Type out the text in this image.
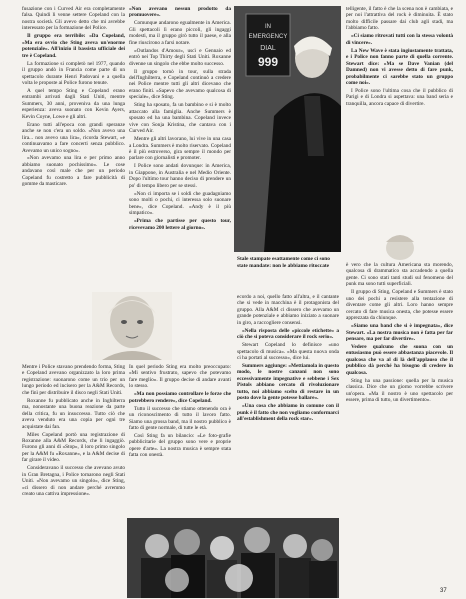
fusazione con i Curved Air era completamente falsa. Quindi li venne settere Copeland con la nostra società. Gli avevo detto che mi avrebbe interessato per la formazione del Police.

Il gruppo era terribile: «Da Copeland, «Ma era ovvio che Sting aveva un'enorme potenziale». All'inizio il bassista ufficiale dei tre è Copeland.

La formazione si completò nel 1977, quando il gruppo andò in Francia come parte di un spettacolo durante Henri Padovani e a quella volta le proposte ai Police furono tenute.

A quel tempo Sting e Copeland erano entrambi arrivati dagli Stati Uniti, mentre Summers, 30 anni, proveniva da una lunga esperienza: aveva suonato con Kevin Ayers, Kevin Coyne, Lowe e gli altri.

Erano tutti all'epoca con grandi speranze anche se non c'era un soldo. «Non avevo una lira... non avevo una lira», ricorda Stewart, «e continuavamo a fare concerti senza pubblico. Avevamo un unico sogno».

«Non avevamo una lira e per primo anno abbiamo suonato pochissimo». Le cose andavano così male che per un periodo Copeland fu costretto a fare pubblicità di gomme da masticare.

«Non avevano nessun prodotto da promuovere».

Comunque andarono egualmente in America. Gli spettacoli lì erano piccoli, gli ingaggi modesti, ma il gruppo girò tutto il paese, e alla fine riuscirono a farsi notare.

«Outlandos d'Amour», uscì e Gennaio ed entrò nei Top Thirty degli Stati Uniti. Roxanne divenne un singolo che ebbe molto successo.

Il gruppo tornò in tour, sulla strada dell'Inghilterra, e Copeland continuò a credere nei Police mentre tutti gli altri dicevano che erano finiti. «Sapevo che avevamo qualcosa di speciale», dice Sting.

Sting ha sposato, fa un bambino e si è molto attaccato alla famiglia. Anche Summers è sposato ed ha una bambina. Copeland invece vive con Sonja Kristina, che cantava con i Curved Air.

Mentre gli altri lavorano, lui vive in una casa a Londra. Summers è molto riservato. Copeland è il più estroverso, gira sempre il mondo per parlare con giornalisti e promoter.

I Police sono andati dovunque: in America, in Giappone, in Australia e nel Medio Oriente. Dopo l'ultimo tour hanno deciso di prendere un po' di tempo libero per se stessi.

«Non ci importa se i soldi che guadagniamo sono molti o pochi, ci interessa solo suonare bene», dice Copeland. «Andy è il più simpatico».

«Prima che partisse per questo tour, ricevevamo 200 lettere al giorno».

IN
EMERGENCY
DIAL
999
Stale stampate esattamente come ci sono state mandate: non le abbiamo ritoccate

Mentre i Police stavano prendendo forma, Sting e Copeland avevano organizzato la loro prima registrazione: suonarono come un trio per un lungo periodo ed incisero per la A&M Records, che finì per distribuire il disco negli Stati Uniti.

Roxanne fu pubblicato anche in Inghilterra ma, nonostante una buona reazione da parte della critica, fu un insuccesso. Tutto ciò che aveva venduto era una copia per ogni tre acquistate dai fan.

Miles Copeland portò una registrazione di Roxanne alla A&M Records, che li ingaggiò. Furono gli anni di «Stop», il loro primo singolo per la A&M fu «Roxanne», e la A&M decise di far girare il video.

Consideravano il successo che avevano avuto in Gran Bretagna, i Police tornarono negli Stati Uniti. «Non avevamo un singolo», dice Sting, «ci dissero di non andare perché avremmo creato una cattiva impressione».

In quel periodo Sting era molto preoccupato: «Mi sentivo frustrato, sapevo che potevamo fare meglio». Il gruppo decise di andare avanti lo stesso.

«Ma non possiamo controllare le forze che potrebbero rendere», dice Copeland.

Tutto il successo che stiamo ottenendo ora è un riconoscimento di tutto il lavoro fatto. Siamo una grossa band, ma il nostro pubblico è fatto di gente normale, di tutte le età.

Così Sting fa un bilancio: «Le foto-grafie pubblicitarie del gruppo sono vere e proprie opere d'arte». La nostra musica è sempre stata fatta con onestà.

ecordo a noi, quello fatto all'altra, e il cantante che si vede in macchina è il protagonista del gruppo. Alla A&M ci dissero che avevamo un grande potenziale e abbiamo iniziato a suonare in giro, a raccogliere consensi.

«Nella risposta delle «piccole etichette» a ciò che si poteva considerare il rock serio».

Stewart Copeland lo definisce «uno spettacolo di musica». «Ma questa nuova onda ci ha portati al successo», dice lui.

Summers aggiunge: «Mettiamola in questo modo, le nostre canzoni non sono eccessivamente impegnative e sebbene i Sex Pistols abbiano cercato di rivoluzionare tutto, noi abbiamo scelto di restare in un posto dove la gente potesse ballare».

«Una cosa che abbiamo in comune con il punk è il fatto che non vogliamo conformarci all'establishment della rock star».

telligente, il fatto è che la scena non è cambiata, e per noi l'attrattiva del rock è diminuita. È stato molto difficile passare dai club agli stadi, ma l'abbiamo fatto.

«Ci siamo ritrovati tutti con la stessa volontà di vincere».

La New Wave è stata ingiustamente trattata, e i Police non fanno parte di quella corrente. Stewart dice: «Ma se Dave Vanian (del Damned) non vi avesse detto di fare punk, probabilmente ci sarebbe stato un gruppo come noi».

I Police sono l'ultima cosa che il pubblico di Parigi e di Londra si aspettava: una band seria e tranquilla, ancora capace di divertire.

è vero che la cultura Americana sta morendo, qualcosa di drammatico sta accadendo a quella gente. Ci sono stati tanti studi sul fenomeno del punk ma sono tutti superficiali.

Il gruppo di Sting, Copeland e Summers è stato uno dei pochi a resistere alla tentazione di diventare come gli altri. Loro hanno sempre cercato di fare musica onesta, che potesse essere apprezzata da chiunque.

«Siamo una band che si è impegnata», dice Stewart. «La nostra musica non è fatta per far pensare, ma per far divertire».

Vedere qualcuno che suona con un entusiasmo può essere abbastanza piacevole. Il qualcosa che va al di là dell'applauso che il pubblico dà perché ha bisogno di credere in qualcosa.

Sting ha una passione: quella per la musica classica. Dice che un giorno vorrebbe scrivere un'opera. «Ma il nostro è uno spettacolo per essere, prima di tutto, un divertimento».

37
